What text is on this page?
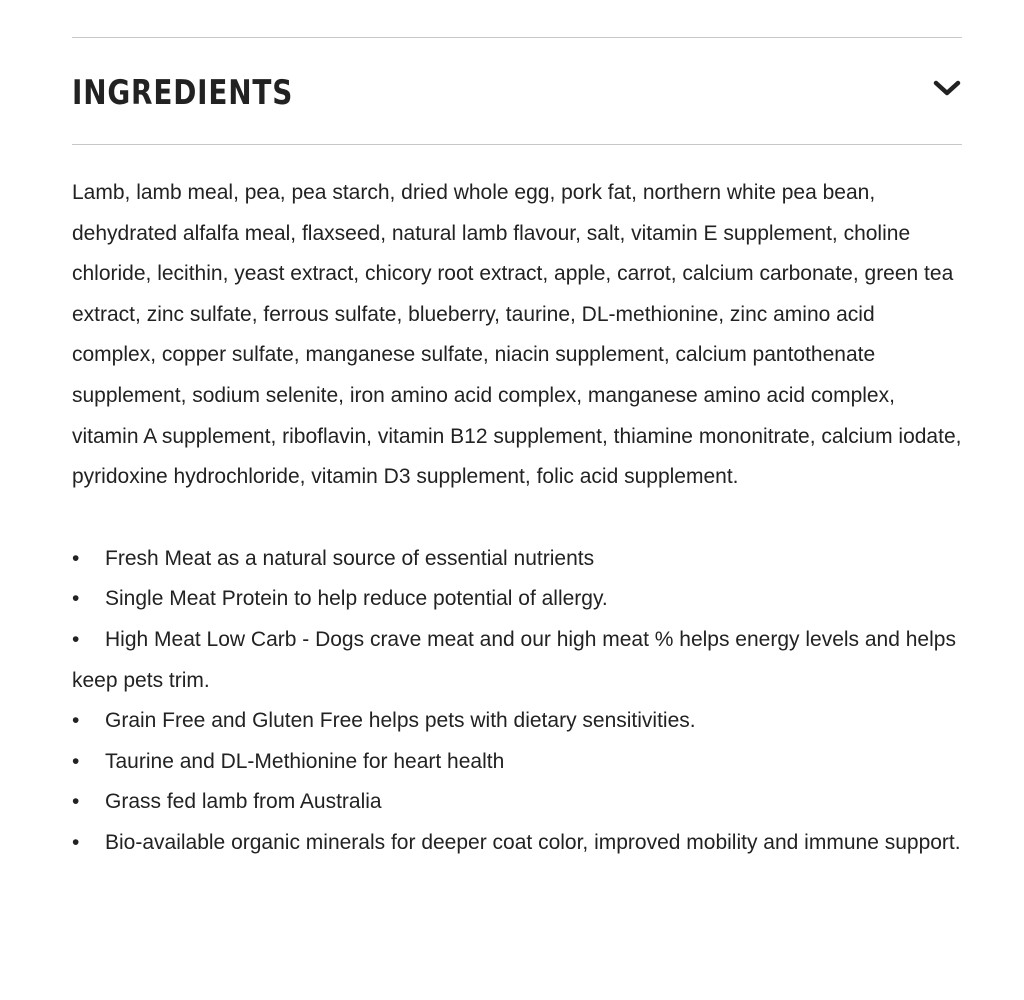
INGREDIENTS

Lamb, lamb meal, pea, pea starch, dried whole egg, pork fat, northern white pea bean, dehydrated alfalfa meal, flaxseed, natural lamb flavour, salt, vitamin E supplement, choline chloride, lecithin, yeast extract, chicory root extract, apple, carrot, calcium carbonate, green tea extract, zinc sulfate, ferrous sulfate, blueberry, taurine, DL-methionine, zinc amino acid complex, copper sulfate, manganese sulfate, niacin supplement, calcium pantothenate supplement, sodium selenite, iron amino acid complex, manganese amino acid complex, vitamin A supplement, riboflavin, vitamin B12 supplement, thiamine mononitrate, calcium iodate, pyridoxine hydrochloride, vitamin D3 supplement, folic acid supplement.

• Fresh Meat as a natural source of essential nutrients
• Single Meat Protein to help reduce potential of allergy.
• High Meat Low Carb - Dogs crave meat and our high meat % helps energy levels and helps keep pets trim.
• Grain Free and Gluten Free helps pets with dietary sensitivities.
• Taurine and DL-Methionine for heart health
• Grass fed lamb from Australia
• Bio-available organic minerals for deeper coat color, improved mobility and immune support.
